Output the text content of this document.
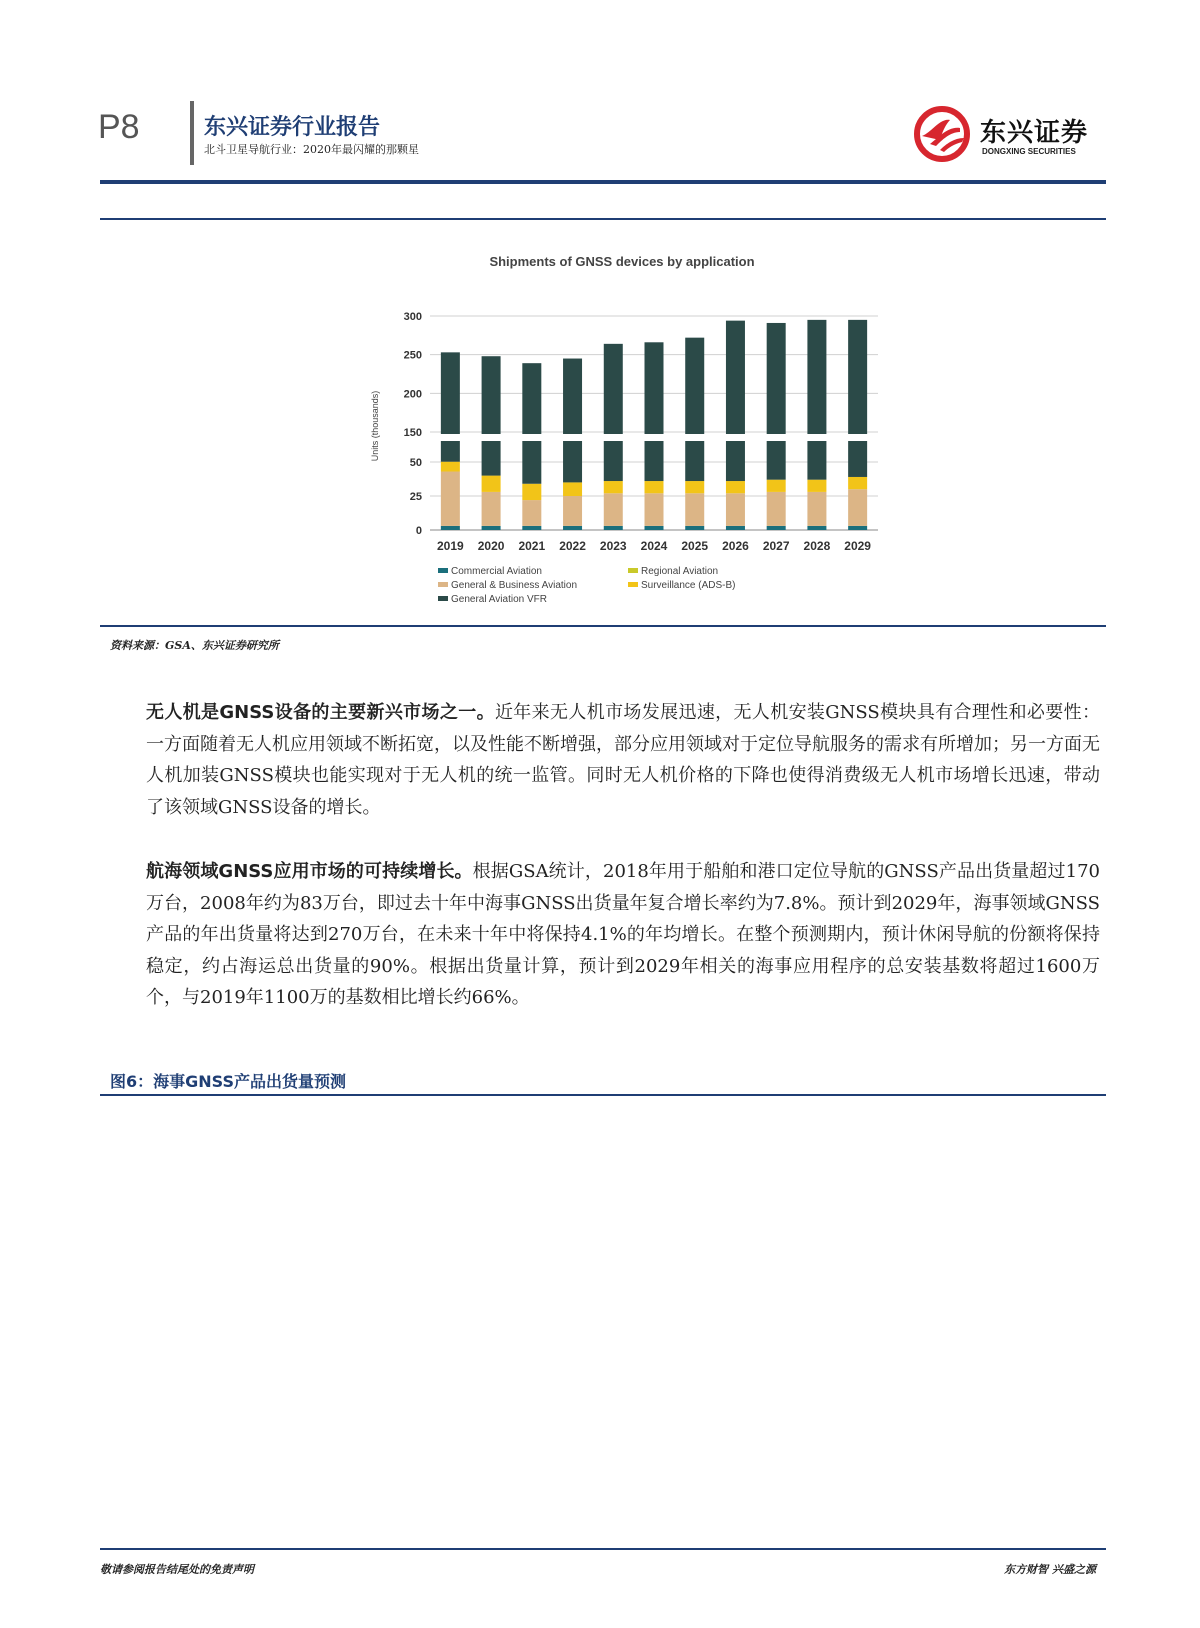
P8	东兴证券行业报告
北斗卫星导航行业：2020年最闪耀的那颗星
东兴证券
DONGXING SECURITIES
Shipments of GNSS devices by application
Units (thousands)
0
25
50
150
200
250
300
2019 2020 2021 2022 2023 2024 2025 2026 2027 2028 2029
Commercial Aviation	Regional Aviation
General & Business Aviation	Surveillance (ADS-B)
General Aviation VFR
资料来源：GSA、东兴证券研究所
无人机是GNSS设备的主要新兴市场之一。近年来无人机市场发展迅速，无人机安装GNSS模块具有合理性和必要性：一方面随着无人机应用领域不断拓宽，以及性能不断增强，部分应用领域对于定位导航服务的需求有所增加；另一方面无人机加装GNSS模块也能实现对于无人机的统一监管。同时无人机价格的下降也使得消费级无人机市场增长迅速，带动了该领域GNSS设备的增长。
航海领域GNSS应用市场的可持续增长。根据GSA统计，2018年用于船舶和港口定位导航的GNSS产品出货量超过170万台，2008年约为83万台，即过去十年中海事GNSS出货量年复合增长率约为7.8%。预计到2029年，海事领域GNSS产品的年出货量将达到270万台，在未来十年中将保持4.1%的年均增长。在整个预测期内，预计休闲导航的份额将保持稳定，约占海运总出货量的90%。根据出货量计算，预计到2029年相关的海事应用程序的总安装基数将超过1600万个，与2019年1100万的基数相比增长约66%。
图6：海事GNSS产品出货量预测
敬请参阅报告结尾处的免责声明	东方财智 兴盛之源
